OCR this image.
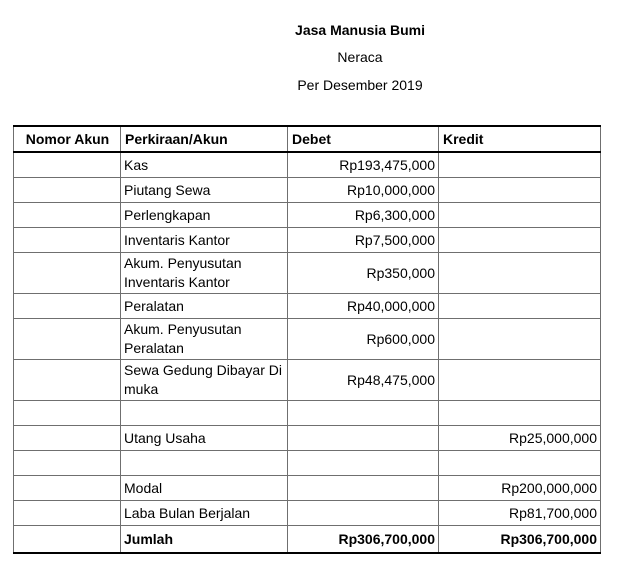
Jasa Manusia Bumi
Neraca
Per Desember 2019
Nomor Akun	Perkiraan/Akun	Debet	Kredit
	Kas	Rp193,475,000	
	Piutang Sewa	Rp10,000,000	
	Perlengkapan	Rp6,300,000	
	Inventaris Kantor	Rp7,500,000	
	Akum. Penyusutan Inventaris Kantor	Rp350,000	
	Peralatan	Rp40,000,000	
	Akum. Penyusutan Peralatan	Rp600,000	
	Sewa Gedung Dibayar Di muka	Rp48,475,000	

	Utang Usaha		Rp25,000,000

	Modal		Rp200,000,000
	Laba Bulan Berjalan		Rp81,700,000
	Jumlah	Rp306,700,000	Rp306,700,000
